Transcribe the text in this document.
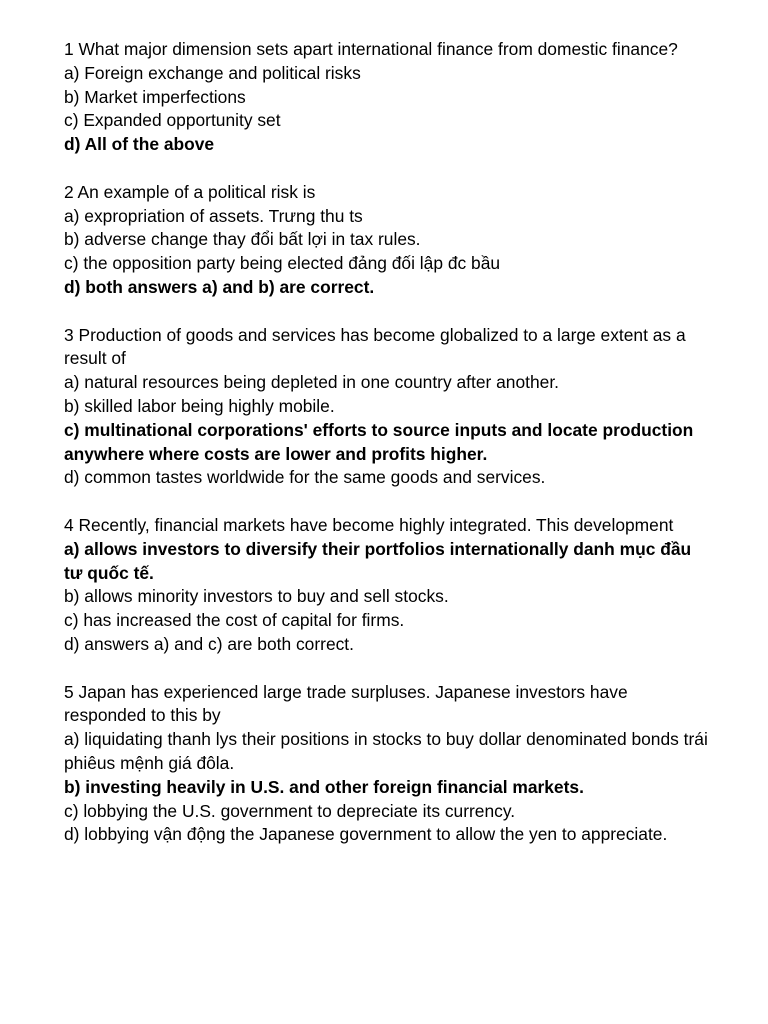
1 What major dimension sets apart international finance from domestic finance?
a) Foreign exchange and political risks
b) Market imperfections
c) Expanded opportunity set
d) All of the above
2 An example of a political risk is
a) expropriation of assets. Trưng thu ts
b) adverse change thay đổi bất lợi in tax rules.
c) the opposition party being elected đảng đối lập đc bầu
d) both answers a) and b) are correct.
3 Production of goods and services has become globalized to a large extent as a result of
a) natural resources being depleted in one country after another.
b) skilled labor being highly mobile.
c) multinational corporations' efforts to source inputs and locate production anywhere where costs are lower and profits higher.
d) common tastes worldwide for the same goods and services.
4 Recently, financial markets have become highly integrated. This development
a) allows investors to diversify their portfolios internationally danh mục đầu tư quốc tế.
b) allows minority investors to buy and sell stocks.
c) has increased the cost of capital for firms.
d) answers a) and c) are both correct.
5 Japan has experienced large trade surpluses. Japanese investors have responded to this by
a) liquidating thanh lys their positions in stocks to buy dollar denominated bonds trái phiêus mệnh giá đôla.
b) investing heavily in U.S. and other foreign financial markets.
c) lobbying the U.S. government to depreciate its currency.
d) lobbying vận động the Japanese government to allow the yen to appreciate.
